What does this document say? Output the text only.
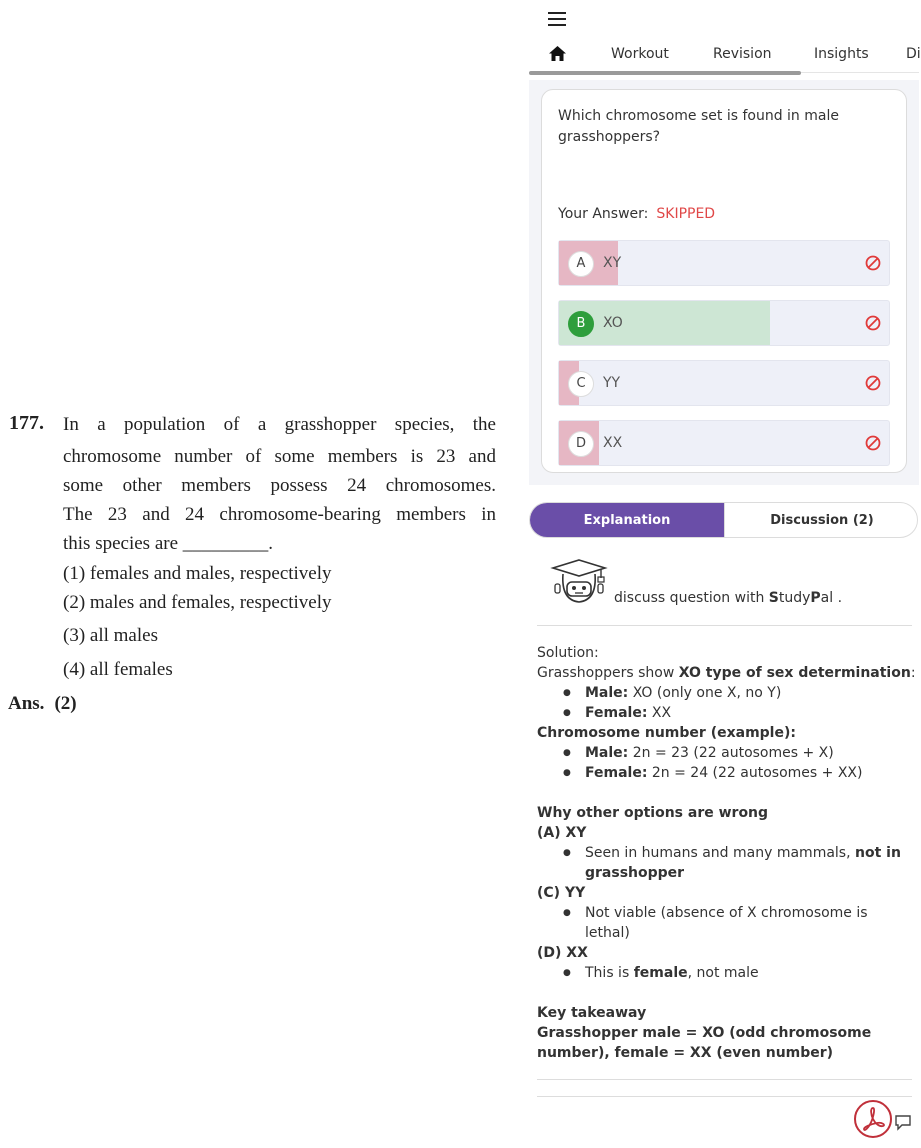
177. In a population of a grasshopper species, the
chromosome number of some members is 23 and
some other members possess 24 chromosomes.
The 23 and 24 chromosome-bearing members in
this species are _________.
(1) females and males, respectively
(2) males and females, respectively
(3) all males
(4) all females
Ans. (2)
Workout	Revision	Insights	Di
Which chromosome set is found in male grasshoppers?
Your Answer: SKIPPED
A	XY
B	XO
C	YY
D	XX
Explanation	Discussion (2)
discuss question with StudyPal .
Solution:
Grasshoppers show XO type of sex determination:
● Male: XO (only one X, no Y)
● Female: XX
Chromosome number (example):
● Male: 2n = 23 (22 autosomes + X)
● Female: 2n = 24 (22 autosomes + XX)
Why other options are wrong
(A) XY
● Seen in humans and many mammals, not in grasshopper
(C) YY
● Not viable (absence of X chromosome is lethal)
(D) XX
● This is female, not male
Key takeaway
Grasshopper male = XO (odd chromosome number), female = XX (even number)
